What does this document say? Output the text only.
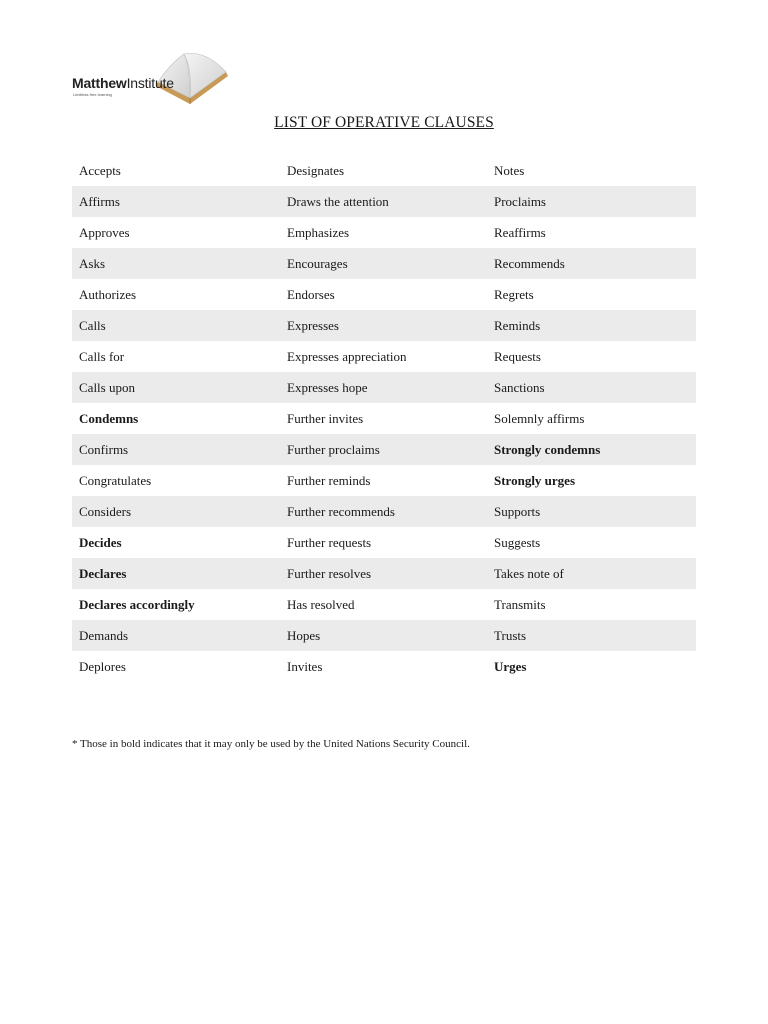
MatthewInstitute
Limitless free learning
LIST OF OPERATIVE CLAUSES
Accepts	Designates	Notes
Affirms	Draws the attention	Proclaims
Approves	Emphasizes	Reaffirms
Asks	Encourages	Recommends
Authorizes	Endorses	Regrets
Calls	Expresses	Reminds
Calls for	Expresses appreciation	Requests
Calls upon	Expresses hope	Sanctions
Condemns	Further invites	Solemnly affirms
Confirms	Further proclaims	Strongly condemns
Congratulates	Further reminds	Strongly urges
Considers	Further recommends	Supports
Decides	Further requests	Suggests
Declares	Further resolves	Takes note of
Declares accordingly	Has resolved	Transmits
Demands	Hopes	Trusts
Deplores	Invites	Urges
* Those in bold indicates that it may only be used by the United Nations Security Council.
